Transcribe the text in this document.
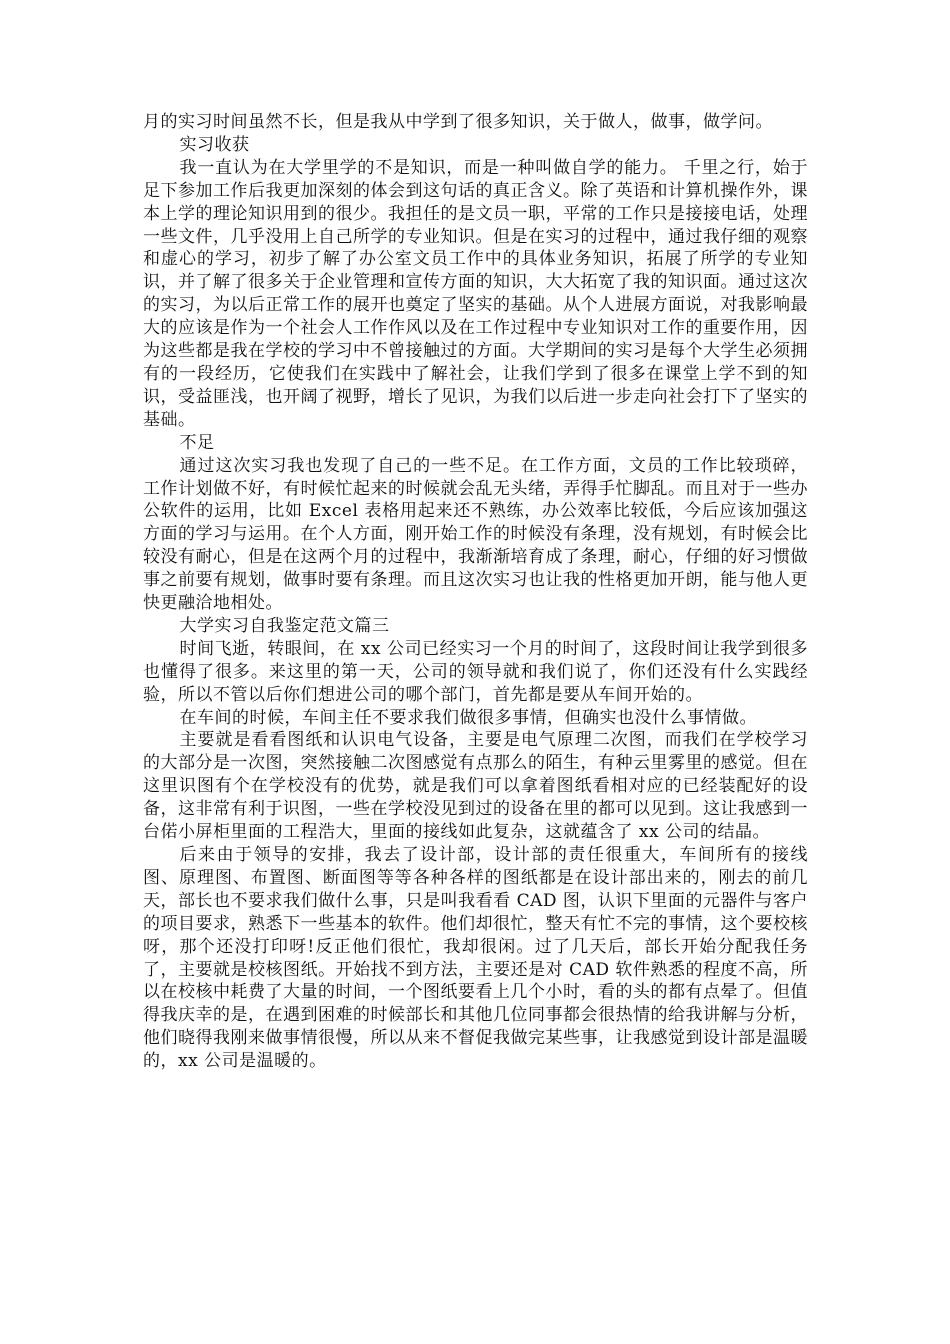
月的实习时间虽然不长，但是我从中学到了很多知识，关于做人，做事，做学问。

实习收获

我一直认为在大学里学的不是知识，而是一种叫做自学的能力。 千里之行，始于足下参加工作后我更加深刻的体会到这句话的真正含义。除了英语和计算机操作外，课本上学的理论知识用到的很少。我担任的是文员一职，平常的工作只是接接电话，处理一些文件，几乎没用上自己所学的专业知识。但是在实习的过程中，通过我仔细的观察和虚心的学习，初步了解了办公室文员工作中的具体业务知识，拓展了所学的专业知识，并了解了很多关于企业管理和宣传方面的知识，大大拓宽了我的知识面。通过这次的实习，为以后正常工作的展开也奠定了坚实的基础。从个人进展方面说，对我影响最大的应该是作为一个社会人工作作风以及在工作过程中专业知识对工作的重要作用，因为这些都是我在学校的学习中不曾接触过的方面。大学期间的实习是每个大学生必须拥有的一段经历，它使我们在实践中了解社会，让我们学到了很多在课堂上学不到的知识，受益匪浅，也开阔了视野，增长了见识，为我们以后进一步走向社会打下了坚实的基础。

不足

通过这次实习我也发现了自己的一些不足。在工作方面，文员的工作比较琐碎，工作计划做不好，有时候忙起来的时候就会乱无头绪，弄得手忙脚乱。而且对于一些办公软件的运用，比如 Excel 表格用起来还不熟练，办公效率比较低，今后应该加强这方面的学习与运用。在个人方面，刚开始工作的时候没有条理，没有规划，有时候会比较没有耐心，但是在这两个月的过程中，我渐渐培育成了条理，耐心，仔细的好习惯做事之前要有规划，做事时要有条理。而且这次实习也让我的性格更加开朗，能与他人更快更融洽地相处。

大学实习自我鉴定范文篇三

时间飞逝，转眼间，在 xx 公司已经实习一个月的时间了，这段时间让我学到很多也懂得了很多。来这里的第一天，公司的领导就和我们说了，你们还没有什么实践经验，所以不管以后你们想进公司的哪个部门，首先都是要从车间开始的。

在车间的时候，车间主任不要求我们做很多事情，但确实也没什么事情做。

主要就是看看图纸和认识电气设备，主要是电气原理二次图，而我们在学校学习的大部分是一次图，突然接触二次图感觉有点那么的陌生，有种云里雾里的感觉。但在这里识图有个在学校没有的优势，就是我们可以拿着图纸看相对应的已经装配好的设备，这非常有利于识图，一些在学校没见到过的设备在里的都可以见到。这让我感到一台偌小屏柜里面的工程浩大，里面的接线如此复杂，这就蕴含了 xx 公司的结晶。

后来由于领导的安排，我去了设计部，设计部的责任很重大，车间所有的接线图、原理图、布置图、断面图等等各种各样的图纸都是在设计部出来的，刚去的前几天，部长也不要求我们做什么事，只是叫我看看 CAD 图，认识下里面的元器件与客户的项目要求，熟悉下一些基本的软件。他们却很忙，整天有忙不完的事情，这个要校核呀，那个还没打印呀!反正他们很忙，我却很闲。过了几天后，部长开始分配我任务了，主要就是校核图纸。开始找不到方法，主要还是对 CAD 软件熟悉的程度不高，所以在校核中耗费了大量的时间，一个图纸要看上几个小时，看的头的都有点晕了。但值得我庆幸的是，在遇到困难的时候部长和其他几位同事都会很热情的给我讲解与分析，他们晓得我刚来做事情很慢，所以从来不督促我做完某些事，让我感觉到设计部是温暖的，xx 公司是温暖的。
